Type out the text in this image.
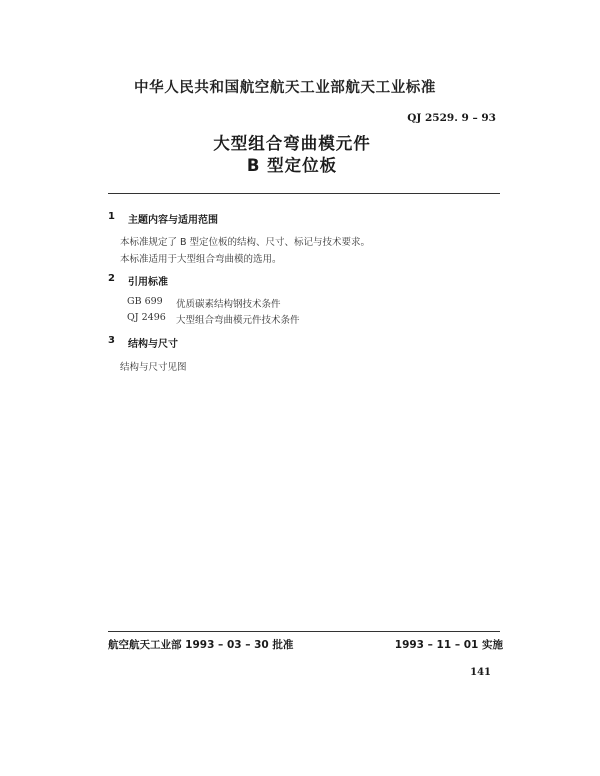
中华人民共和国航空航天工业部航天工业标准
QJ 2529. 9 – 93
大型组合弯曲模元件
B 型定位板
1 主题内容与适用范围
本标准规定了 B 型定位板的结构、尺寸、标记与技术要求。
本标准适用于大型组合弯曲模的选用。
2 引用标准
GB 699 优质碳素结构钢技术条件
QJ 2496 大型组合弯曲模元件技术条件
3 结构与尺寸
结构与尺寸见图
航空航天工业部 1993 – 03 – 30 批准	1993 – 11 – 01 实施
141
